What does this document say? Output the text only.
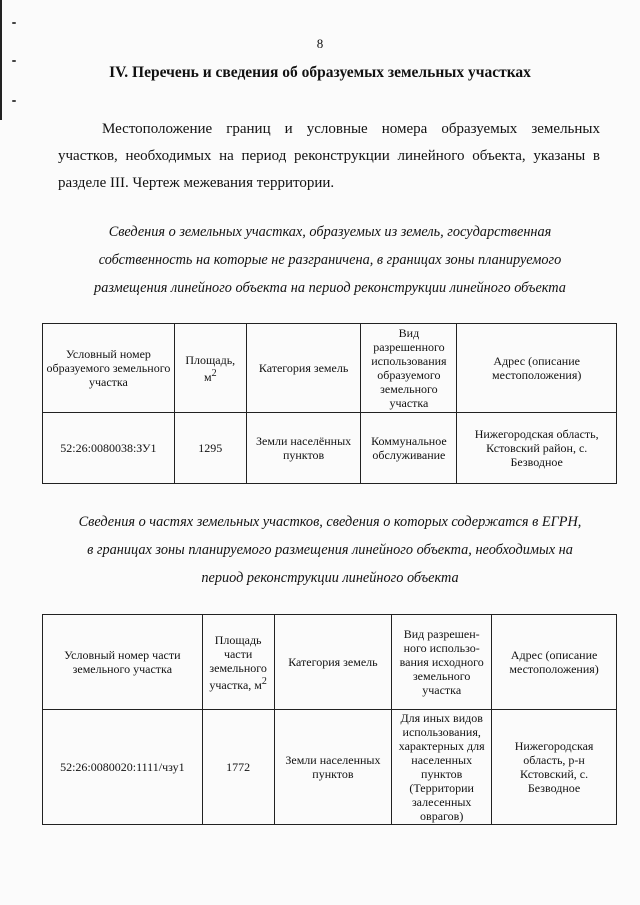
8
IV. Перечень и сведения об образуемых земельных участках

Местоположение границ и условные номера образуемых земельных
участков, необходимых на период реконструкции линейного объекта, указаны в
разделе III. Чертеж межевания территории.

Сведения о земельных участках, образуемых из земель, государственная
собственность на которые не разграничена, в границах зоны планируемого
размещения линейного объекта на период реконструкции линейного объекта

Условный номер образуемого земельного участка	Площадь, $м^2$	Категория земель	Вид разрешенного использования образуемого земельного участка	Адрес (описание местоположения)
52:26:0080038:ЗУ1	1295	Земли населённых пунктов	Коммунальное обслуживание	Нижегородская область, Кстовский район, с. Безводное

Сведения о частях земельных участков, сведения о которых содержатся в ЕГРН,
в границах зоны планируемого размещения линейного объекта, необходимых на
период реконструкции линейного объекта

Условный номер части земельного участка	Площадь части земельного участка, $м^2$	Категория земель	Вид разрешен-ного использо-вания исходного земельного участка	Адрес (описание местоположения)
52:26:0080020:1111/чзу1	1772	Земли населенных пунктов	Для иных видов использования, характерных для населенных пунктов (Территории залесенных оврагов)	Нижегородская область, р-н Кстовский, с. Безводное
